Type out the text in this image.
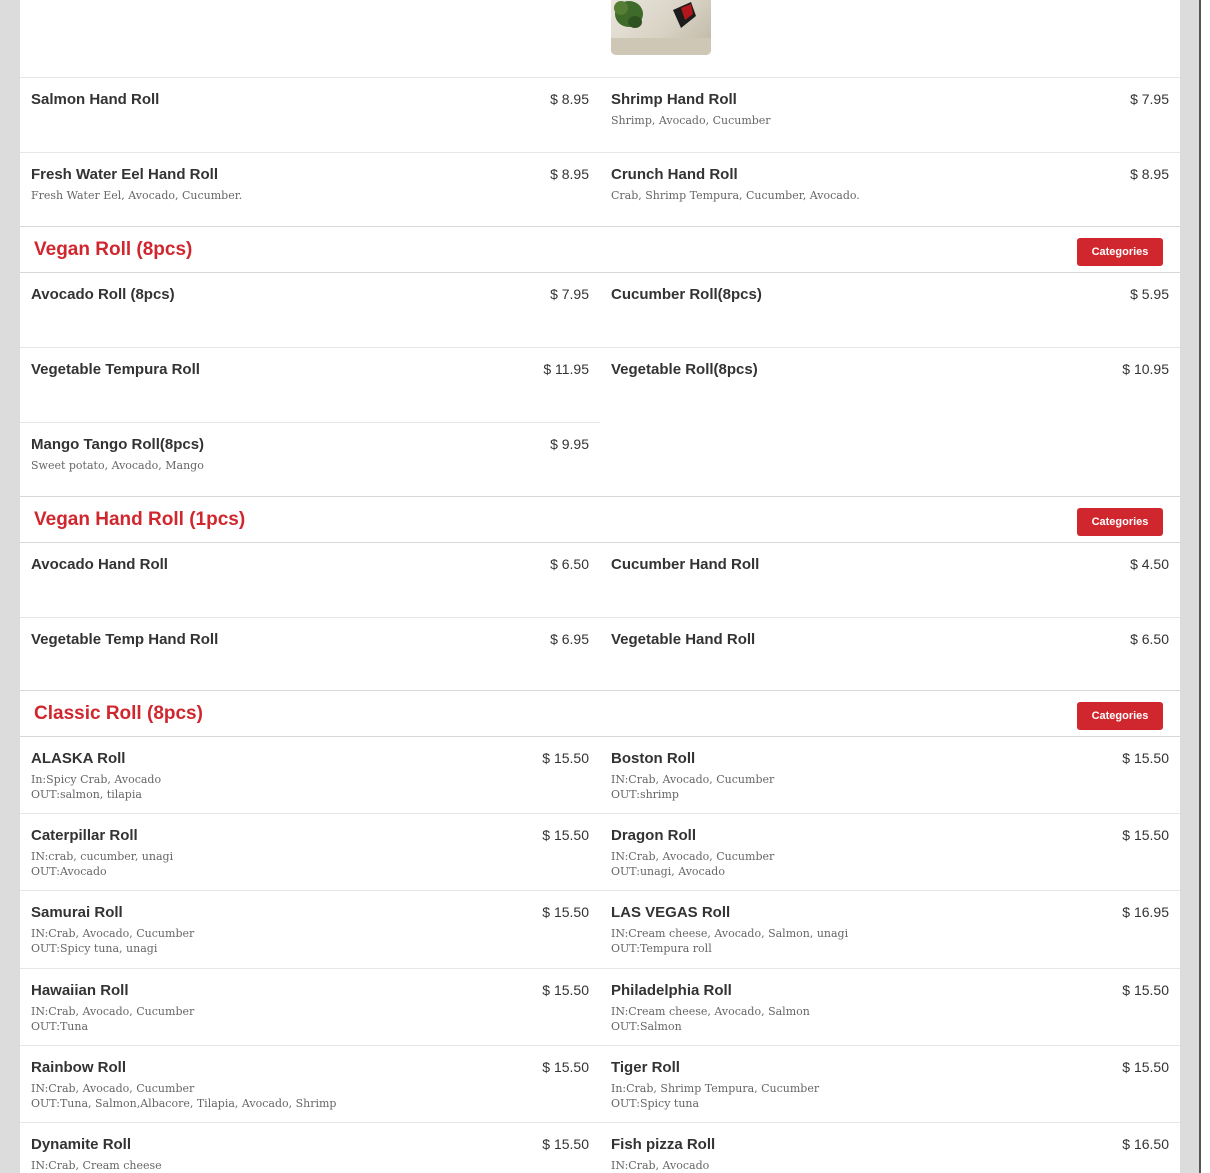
Salmon Hand Roll	$ 8.95 Shrimp Hand Roll	$ 7.95
Shrimp, Avocado, Cucumber
Fresh Water Eel Hand Roll	$ 8.95
Fresh Water Eel, Avocado, Cucumber.
Crunch Hand Roll	$ 8.95
Crab, Shrimp Tempura, Cucumber, Avocado.
Vegan Roll (8pcs)	Categories
Avocado Roll (8pcs)	$ 7.95 Cucumber Roll(8pcs)	$ 5.95
Vegetable Tempura Roll	$ 11.95 Vegetable Roll(8pcs)	$ 10.95
Mango Tango Roll(8pcs)	$ 9.95
Sweet potato, Avocado, Mango
Vegan Hand Roll (1pcs)	Categories
Avocado Hand Roll	$ 6.50 Cucumber Hand Roll	$ 4.50
Vegetable Temp Hand Roll	$ 6.95 Vegetable Hand Roll	$ 6.50
Classic Roll (8pcs)	Categories
ALASKA Roll	$ 15.50
In:Spicy Crab, Avocado
OUT:salmon, tilapia
Boston Roll	$ 15.50
IN:Crab, Avocado, Cucumber
OUT:shrimp
Caterpillar Roll	$ 15.50
IN:crab, cucumber, unagi
OUT:Avocado
Dragon Roll	$ 15.50
IN:Crab, Avocado, Cucumber
OUT:unagi, Avocado
Samurai Roll	$ 15.50
IN:Crab, Avocado, Cucumber
OUT:Spicy tuna, unagi
LAS VEGAS Roll	$ 16.95
IN:Cream cheese, Avocado, Salmon, unagi
OUT:Tempura roll
Hawaiian Roll	$ 15.50
IN:Crab, Avocado, Cucumber
OUT:Tuna
Philadelphia Roll	$ 15.50
IN:Cream cheese, Avocado, Salmon
OUT:Salmon
Rainbow Roll	$ 15.50
IN:Crab, Avocado, Cucumber
OUT:Tuna, Salmon,Albacore, Tilapia, Avocado, Shrimp
Tiger Roll	$ 15.50
In:Crab, Shrimp Tempura, Cucumber
OUT:Spicy tuna
Dynamite Roll	$ 15.50
IN:Crab, Cream cheese
Fish pizza Roll	$ 16.50
IN:Crab, Avocado
